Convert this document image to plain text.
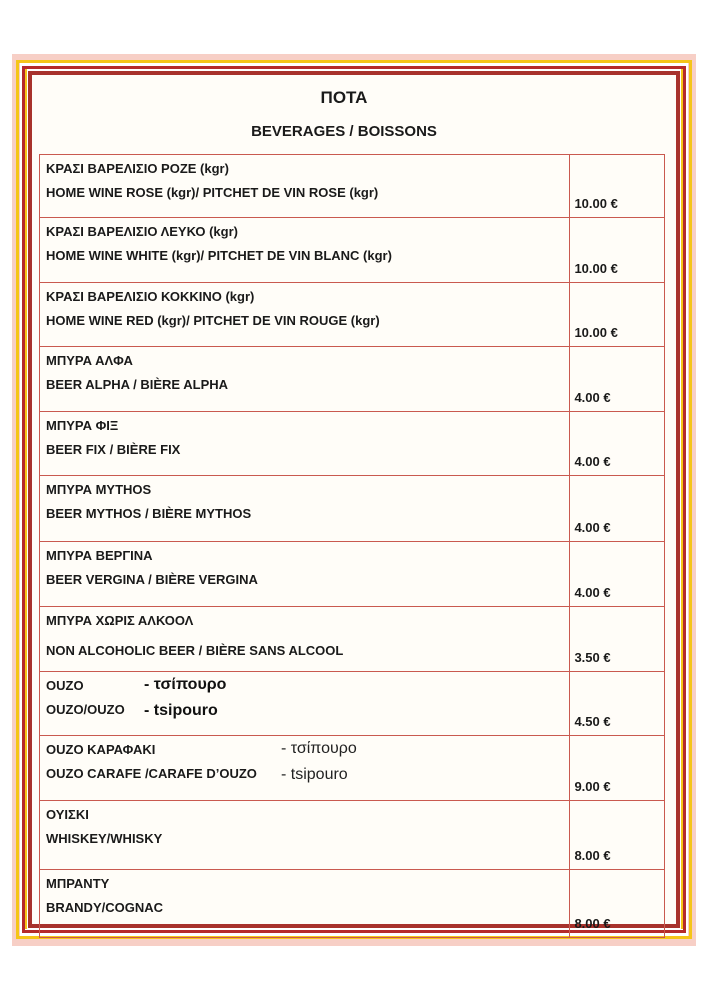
ΠΟΤΑ
BEVERAGES / BOISSONS
ΚΡΑΣΙ ΒΑΡΕΛΙΣΙΟ ΡΟΖΕ (kgr)
HOME WINE ROSE (kgr)/ PITCHET DE VIN ROSE (kgr)	10.00 €

ΚΡΑΣΙ ΒΑΡΕΛΙΣΙΟ ΛΕΥΚΟ (kgr)
HOME WINE WHITE (kgr)/ PITCHET DE VIN BLANC (kgr)	10.00 €

ΚΡΑΣΙ ΒΑΡΕΛΙΣΙΟ ΚΟΚΚΙΝΟ (kgr)
HOME WINE RED (kgr)/ PITCHET DE VIN ROUGE (kgr)	10.00 €

ΜΠΥΡΑ ΑΛΦΑ
BEER ALPHA / BIÈRE ALPHA	4.00 €

ΜΠΥΡΑ ΦΙΞ
BEER FIX / BIÈRE FIX	4.00 €

ΜΠΥΡΑ MYTHOS
BEER MYTHOS / BIÈRE MYTHOS	4.00 €

ΜΠΥΡΑ ΒΕΡΓΙΝΑ
BEER VERGINA / BIÈRE VERGINA	4.00 €

ΜΠΥΡΑ ΧΩΡΙΣ ΑΛΚΟΟΛ
NON ALCOHOLIC BEER / BIÈRE SANS ALCOOL	3.50 €

OUZO
OUZO/OUZO
- τσίπουρο
- tsipouro	4.50 €

OUZO ΚΑΡΑΦΑΚΙ
OUZO CARAFE /CARAFE D’OUZO
- τσίπουρο
- tsipouro	9.00 €

ΟΥΙΣΚΙ
WHISKEY/WHISKY	8.00 €

ΜΠΡΑΝΤΥ
BRANDY/COGNAC	8.00 €
